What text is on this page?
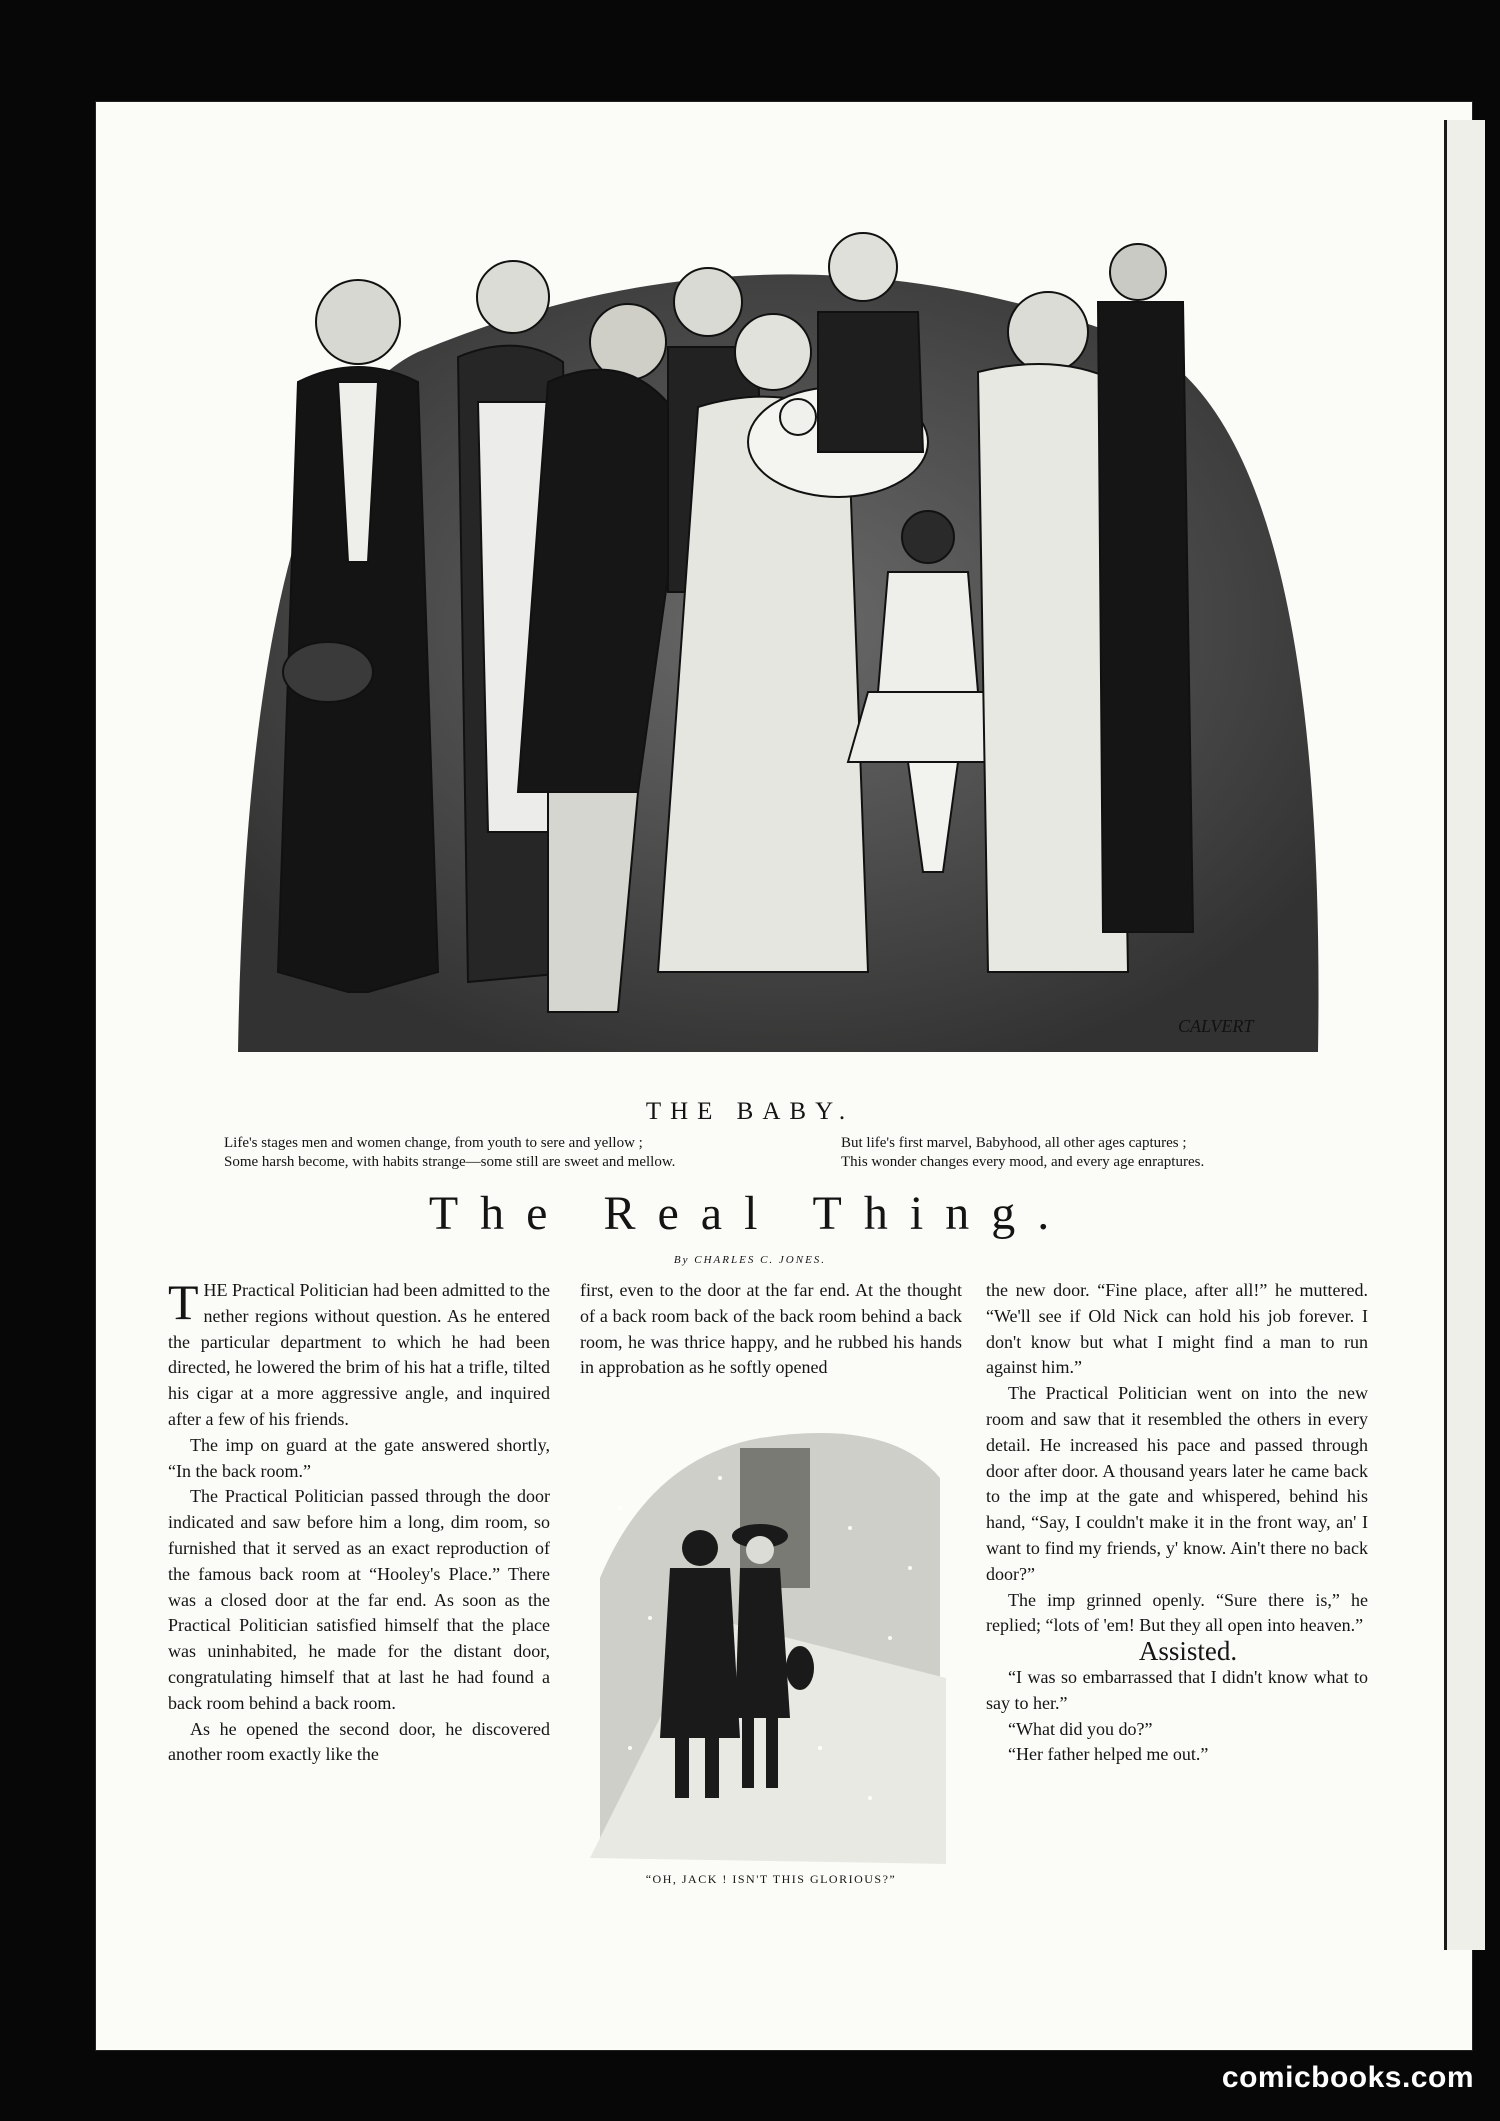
CALVERT
THE BABY.
Life's stages men and women change, from youth to sere and yellow ;
Some harsh become, with habits strange—some still are sweet and mellow.
But life's first marvel, Babyhood, all other ages captures ;
This wonder changes every mood, and every age enraptures.
The Real Thing.
By CHARLES C. JONES.

THE Practical Politician had been admitted to the nether regions without question. As he entered the particular department to which he had been directed, he lowered the brim of his hat a trifle, tilted his cigar at a more aggressive angle, and inquired after a few of his friends.

The imp on guard at the gate answered shortly, “In the back room.”

The Practical Politician passed through the door indicated and saw before him a long, dim room, so furnished that it served as an exact reproduction of the famous back room at “Hooley's Place.” There was a closed door at the far end. As soon as the Practical Politician satisfied himself that the place was uninhabited, he made for the distant door, congratulating himself that at last he had found a back room behind a back room.

As he opened the second door, he discovered another room exactly like the

first, even to the door at the far end. At the thought of a back room back of the back room behind a back room, he was thrice happy, and he rubbed his hands in approbation as he softly opened

“OH, JACK ! ISN'T THIS GLORIOUS?”

the new door. “Fine place, after all!” he muttered. “We'll see if Old Nick can hold his job forever. I don't know but what I might find a man to run against him.”

The Practical Politician went on into the new room and saw that it resembled the others in every detail. He increased his pace and passed through door after door. A thousand years later he came back to the imp at the gate and whispered, behind his hand, “Say, I couldn't make it in the front way, an' I want to find my friends, y' know. Ain't there no back door?”

The imp grinned openly. “Sure there is,” he replied; “lots of 'em! But they all open into heaven.”

Assisted.

“I was so embarrassed that I didn't know what to say to her.”

“What did you do?”

“Her father helped me out.”

comicbooks.com
